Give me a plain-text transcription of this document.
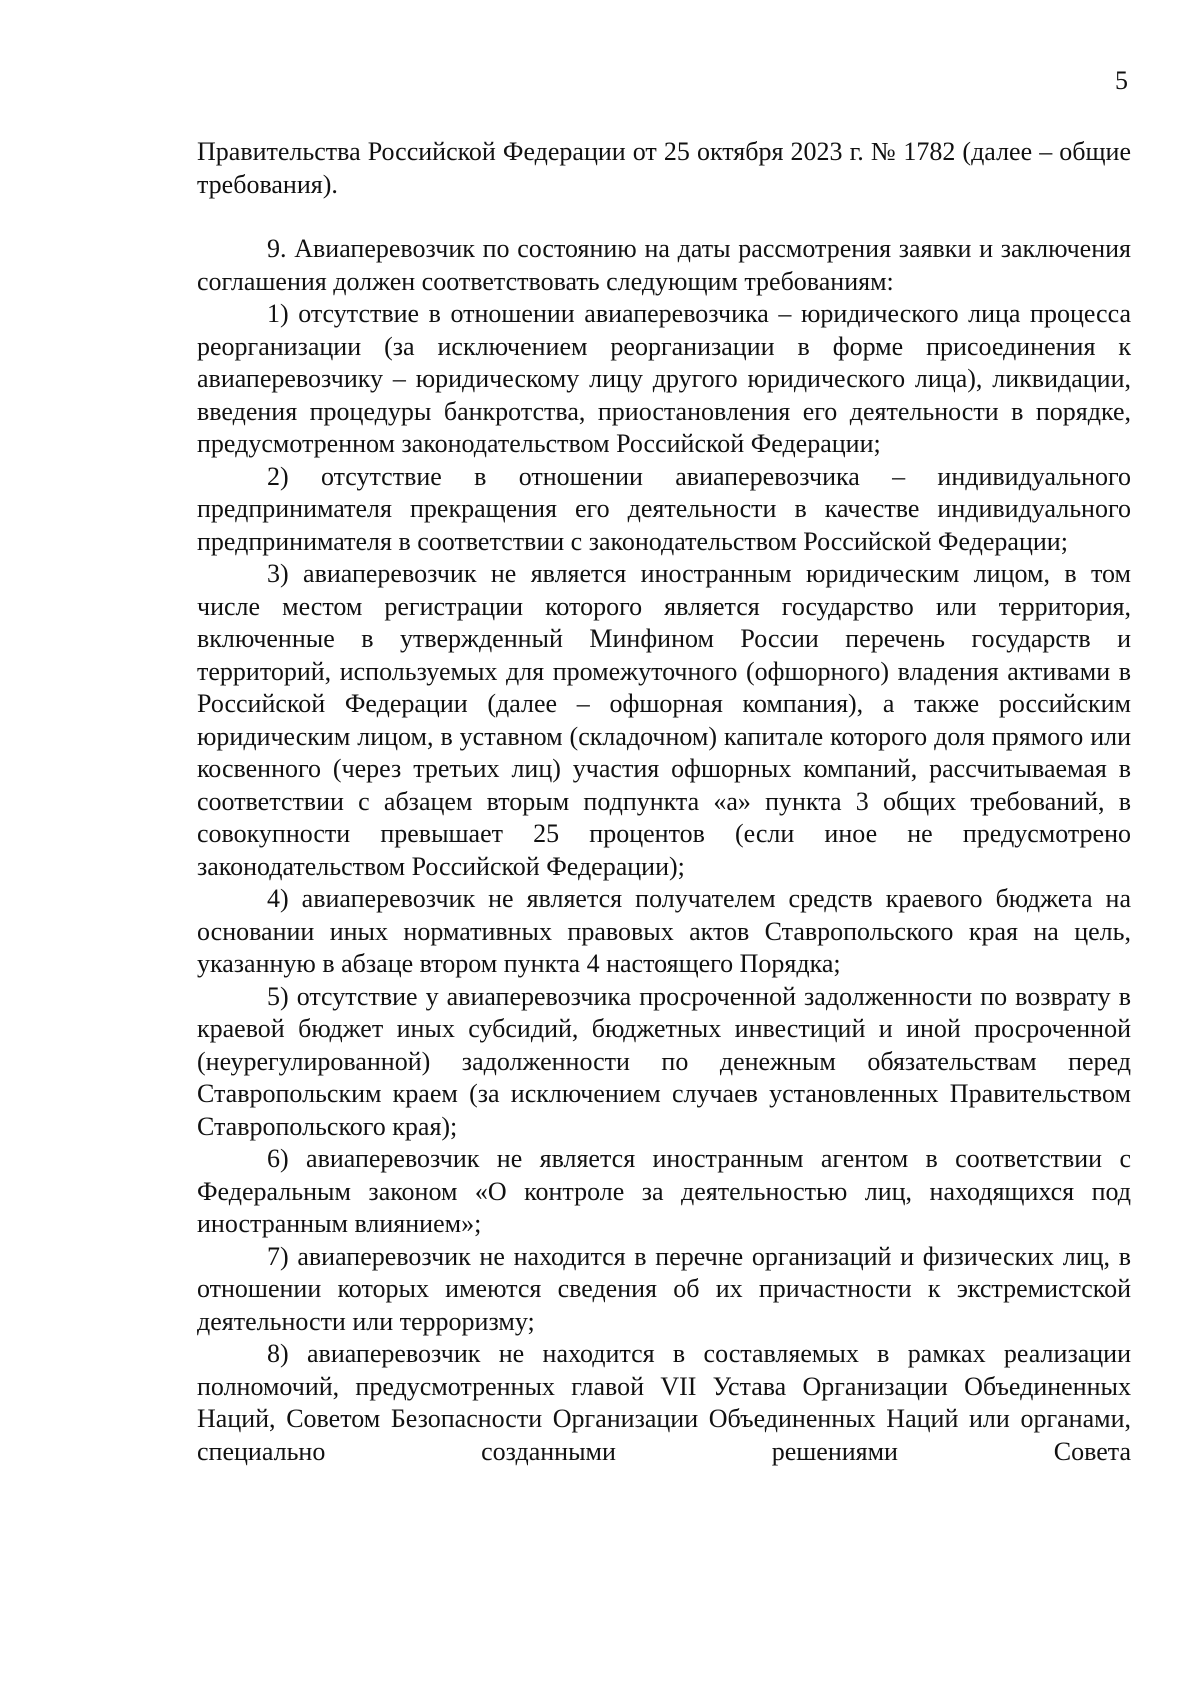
5

Правительства Российской Федерации от 25 октября 2023 г. № 1782 (далее – общие требования).

9. Авиаперевозчик по состоянию на даты рассмотрения заявки и заключения соглашения должен соответствовать следующим требованиям:

1) отсутствие в отношении авиаперевозчика – юридического лица процесса реорганизации (за исключением реорганизации в форме присоединения к авиаперевозчику – юридическому лицу другого юридического лица), ликвидации, введения процедуры банкротства, приостановления его деятельности в порядке, предусмотренном законодательством Российской Федерации;

2) отсутствие в отношении авиаперевозчика – индивидуального предпринимателя прекращения его деятельности в качестве индивидуального предпринимателя в соответствии с законодательством Российской Федерации;

3) авиаперевозчик не является иностранным юридическим лицом, в том числе местом регистрации которого является государство или территория, включенные в утвержденный Минфином России перечень государств и территорий, используемых для промежуточного (офшорного) владения активами в Российской Федерации (далее – офшорная компания), а также российским юридическим лицом, в уставном (складочном) капитале которого доля прямого или косвенного (через третьих лиц) участия офшорных компаний, рассчитываемая в соответствии с абзацем вторым подпункта «а» пункта 3 общих требований, в совокупности превышает 25 процентов (если иное не предусмотрено законодательством Российской Федерации);

4) авиаперевозчик не является получателем средств краевого бюджета на основании иных нормативных правовых актов Ставропольского края на цель, указанную в абзаце втором пункта 4 настоящего Порядка;

5) отсутствие у авиаперевозчика просроченной задолженности по возврату в краевой бюджет иных субсидий, бюджетных инвестиций и иной просроченной (неурегулированной) задолженности по денежным обязательствам перед Ставропольским краем (за исключением случаев установленных Правительством Ставропольского края);

6) авиаперевозчик не является иностранным агентом в соответствии с Федеральным законом «О контроле за деятельностью лиц, находящихся под иностранным влиянием»;

7) авиаперевозчик не находится в перечне организаций и физических лиц, в отношении которых имеются сведения об их причастности к экстремистской деятельности или терроризму;

8) авиаперевозчик не находится в составляемых в рамках реализации полномочий, предусмотренных главой VII Устава Организации Объединенных Наций, Советом Безопасности Организации Объединенных Наций или органами, специально созданными решениями Совета
